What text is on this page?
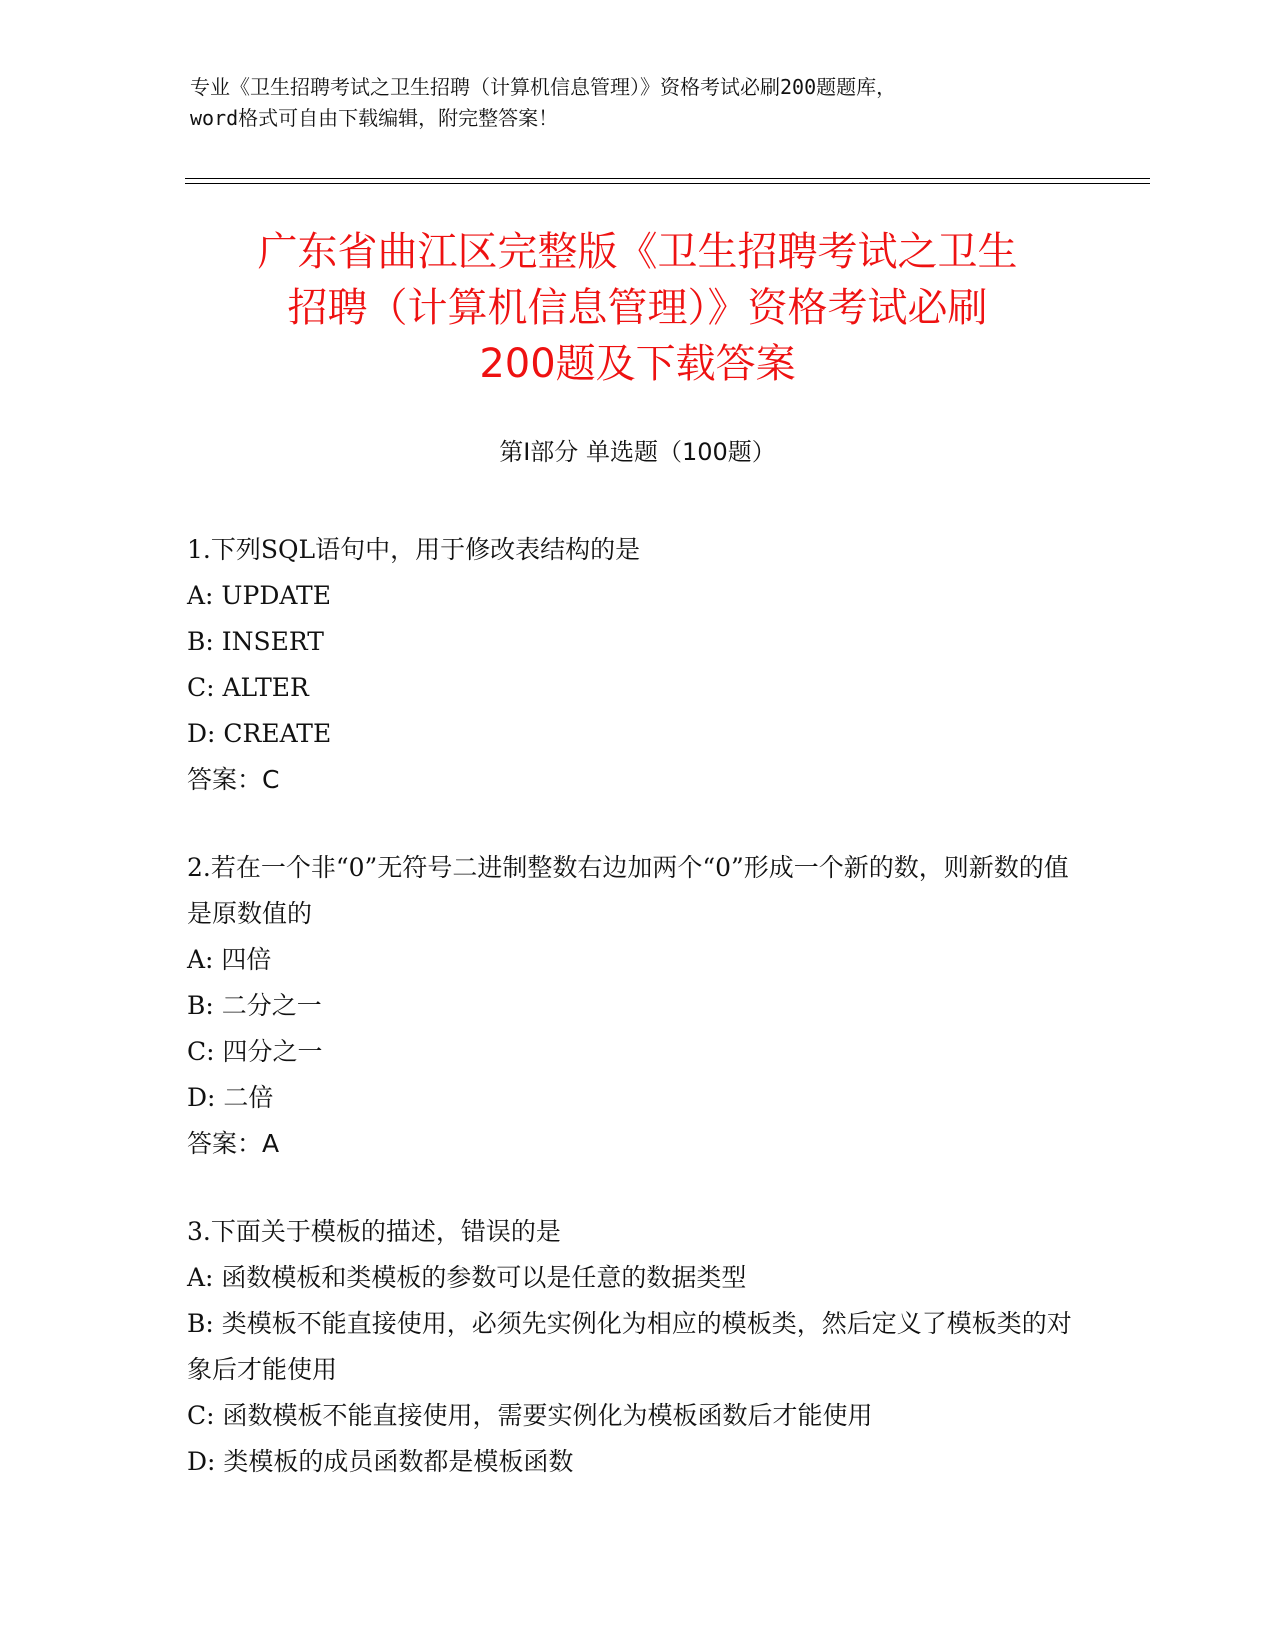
专业《卫生招聘考试之卫生招聘（计算机信息管理）》资格考试必刷200题题库，
word格式可自由下载编辑，附完整答案！
广东省曲江区完整版《卫生招聘考试之卫生
招聘（计算机信息管理）》资格考试必刷
200题及下载答案
第Ⅰ部分 单选题（100题）
1.下列SQL语句中，用于修改表结构的是
A: UPDATE
B: INSERT
C: ALTER
D: CREATE
答案：C
2.若在一个非“0”无符号二进制整数右边加两个“0”形成一个新的数，则新数的值是原数值的
A: 四倍
B: 二分之一
C: 四分之一
D: 二倍
答案：A
3.下面关于模板的描述，错误的是
A: 函数模板和类模板的参数可以是任意的数据类型
B: 类模板不能直接使用，必须先实例化为相应的模板类，然后定义了模板类的对象后才能使用
C: 函数模板不能直接使用，需要实例化为模板函数后才能使用
D: 类模板的成员函数都是模板函数
